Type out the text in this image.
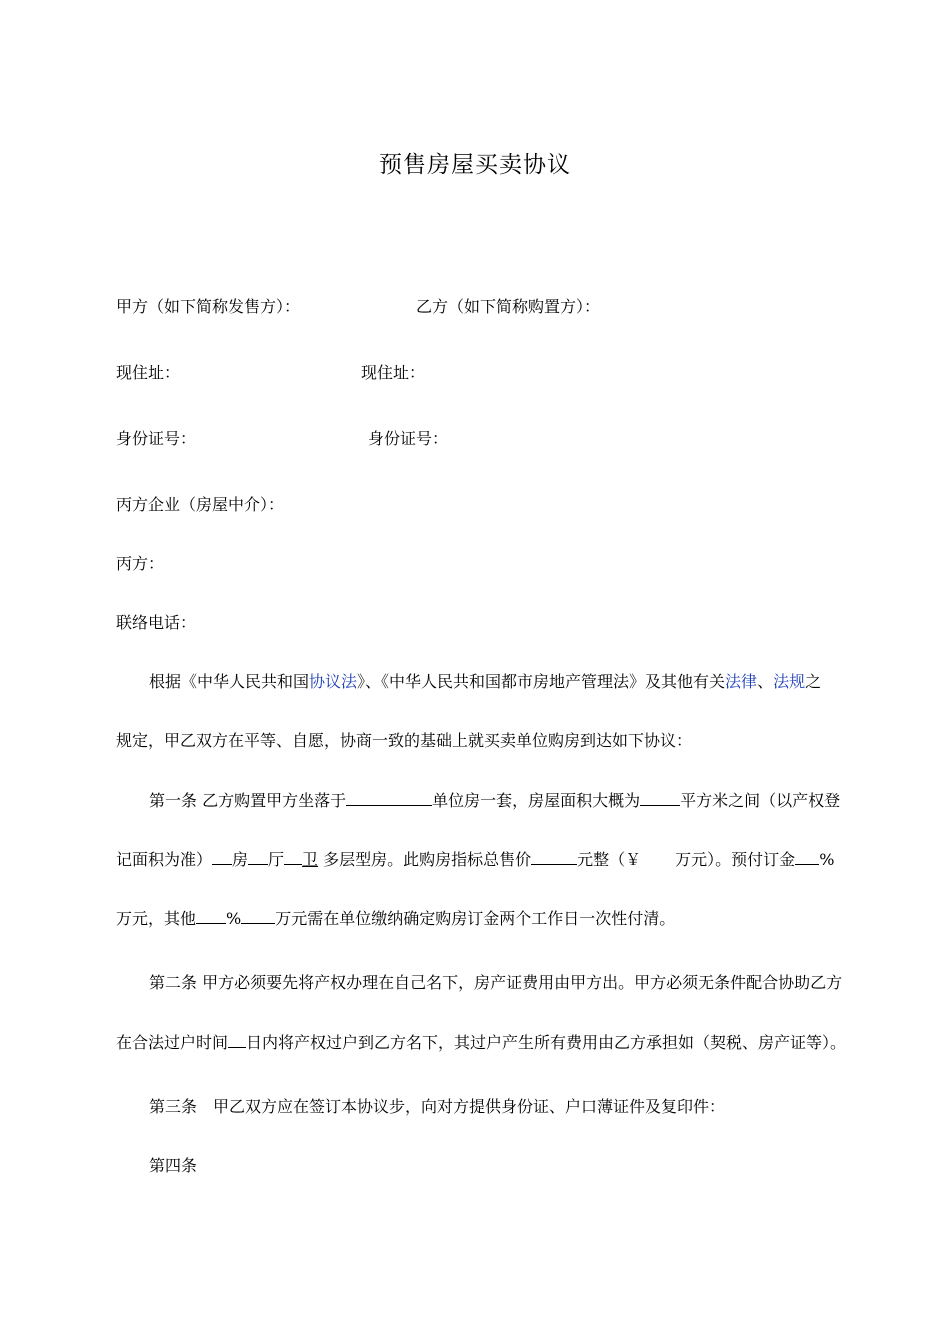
预售房屋买卖协议
甲方（如下简称发售方）：	乙方（如下简称购置方）：
现住址：	现住址：
身份证号：	身份证号：
丙方企业（房屋中介）：
丙方：
联络电话：
根据《中华人民共和国协议法》、《中华人民共和国都市房地产管理法》及其他有关法律、法规之
规定，甲乙双方在平等、自愿，协商一致的基础上就买卖单位购房到达如下协议：
第一条 乙方购置甲方坐落于	单位房一套，房屋面积大概为	平方米之间（以产权登
记面积为准） 房 厅 卫 多层型房。此购房指标总售价	元整（￥ 万元）。预付订金 %
万元，其他 % 万元需在单位缴纳确定购房订金两个工作日一次性付清。
第二条 甲方必须要先将产权办理在自己名下，房产证费用由甲方出。甲方必须无条件配合协助乙方
在合法过户时间 日内将产权过户到乙方名下，其过户产生所有费用由乙方承担如（契税、房产证等）。
第三条　甲乙双方应在签订本协议步，向对方提供身份证、户口薄证件及复印件：
第四条
